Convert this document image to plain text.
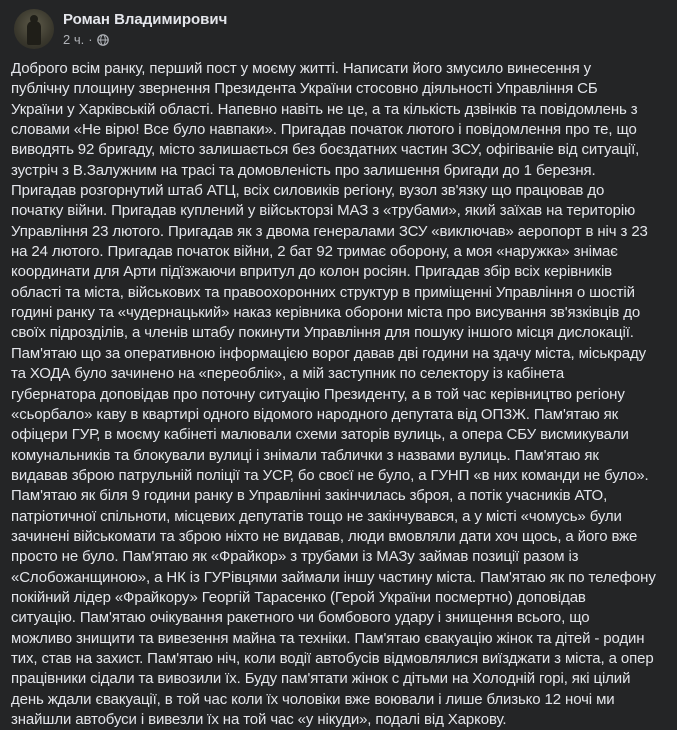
Роман Владимирович
2 ч. ·
Доброго всім ранку, перший пост у моєму житті. Написати його змусило винесення у
публічну площину звернення Президента України стосовно діяльності Управління СБ
України у Харківській області. Напевно навіть не це, а та кількість дзвінків та повідомлень з
словами «Не вірю! Все було навпаки». Пригадав початок лютого і повідомлення про те, що
виводять 92 бригаду, місто залишається без боєздатних частин ЗСУ, офігіваніе від ситуації,
зустріч з В.Залужним на трасі та домовленість про залишення бригади до 1 березня.
Пригадав розгорнутий штаб АТЦ, всіх силовиків регіону, вузол зв'язку що працював до
початку війни. Пригадав куплений у військторзі МАЗ з «трубами», який заїхав на територію
Управління 23 лютого. Пригадав як з двома генералами ЗСУ «виключав» аеропорт в ніч з 23
на 24 лютого. Пригадав початок війни, 2 бат 92 тримає оборону, а моя «наружка» знімає
координати для Арти підїзжаючи впритул до колон росіян. Пригадав збір всіх керівників
області та міста, військових та правоохоронних структур в приміщенні Управління о шостій
годині ранку та «чудернацький» наказ керівника оборони міста про висування зв'язківців до
своїх підрозділів, а членів штабу покинути Управління для пошуку іншого місця дислокації.
Пам'ятаю що за оперативною інформацією ворог давав дві години на здачу міста, міськраду
та ХОДА було зачинено на «переоблік», а мій заступник по селектору із кабінета
губернатора доповідав про поточну ситуацію Президенту, а в той час керівництво регіону
«сьорбало» каву в квартирі одного відомого народного депутата від ОПЗЖ. Пам'ятаю як
офіцери ГУР, в моєму кабінеті малювали схеми заторів вулиць, а опера СБУ висмикували
комунальників та блокували вулиці і знімали таблички з назвами вулиць. Пам'ятаю як
видавав зброю патрульній поліції та УСР, бо своєї не було, а ГУНП «в них команди не було».
Пам'ятаю як біля 9 години ранку в Управлінні закінчилась зброя, а потік учасників АТО,
патріотичної спільноти, місцевих депутатів тощо не закінчувався, а у місті «чомусь» були
зачинені військомати та зброю ніхто не видавав, люди вмовляли дати хоч щось, а його вже
просто не було. Пам'ятаю як «Фрайкор» з трубами із МАЗу займав позиції разом із
«Слобожанщиною», а НК із ГУРівцями займали іншу частину міста. Пам'ятаю як по телефону
покійний лідер «Фрайкору» Георгій Тарасенко (Герой України посмертно) доповідав
ситуацію. Пам'ятаю очікування ракетного чи бомбового удару і знищення всього, що
можливо знищити та вивезення майна та техніки. Пам'ятаю євакуацію жінок та дітей - родин
тих, став на захист. Пам'ятаю ніч, коли водії автобусів відмовлялися виїзджати з міста, а опер
працівники сідали та вивозили їх. Буду пам'ятати жінок с дітьми на Холодній горі, які цілий
день ждали євакуації, в той час коли їх чоловіки вже воювали і лише близько 12 ночі ми
знайшли автобуси і вивезли їх на той час «у нікуди», подалі від Харкову.
